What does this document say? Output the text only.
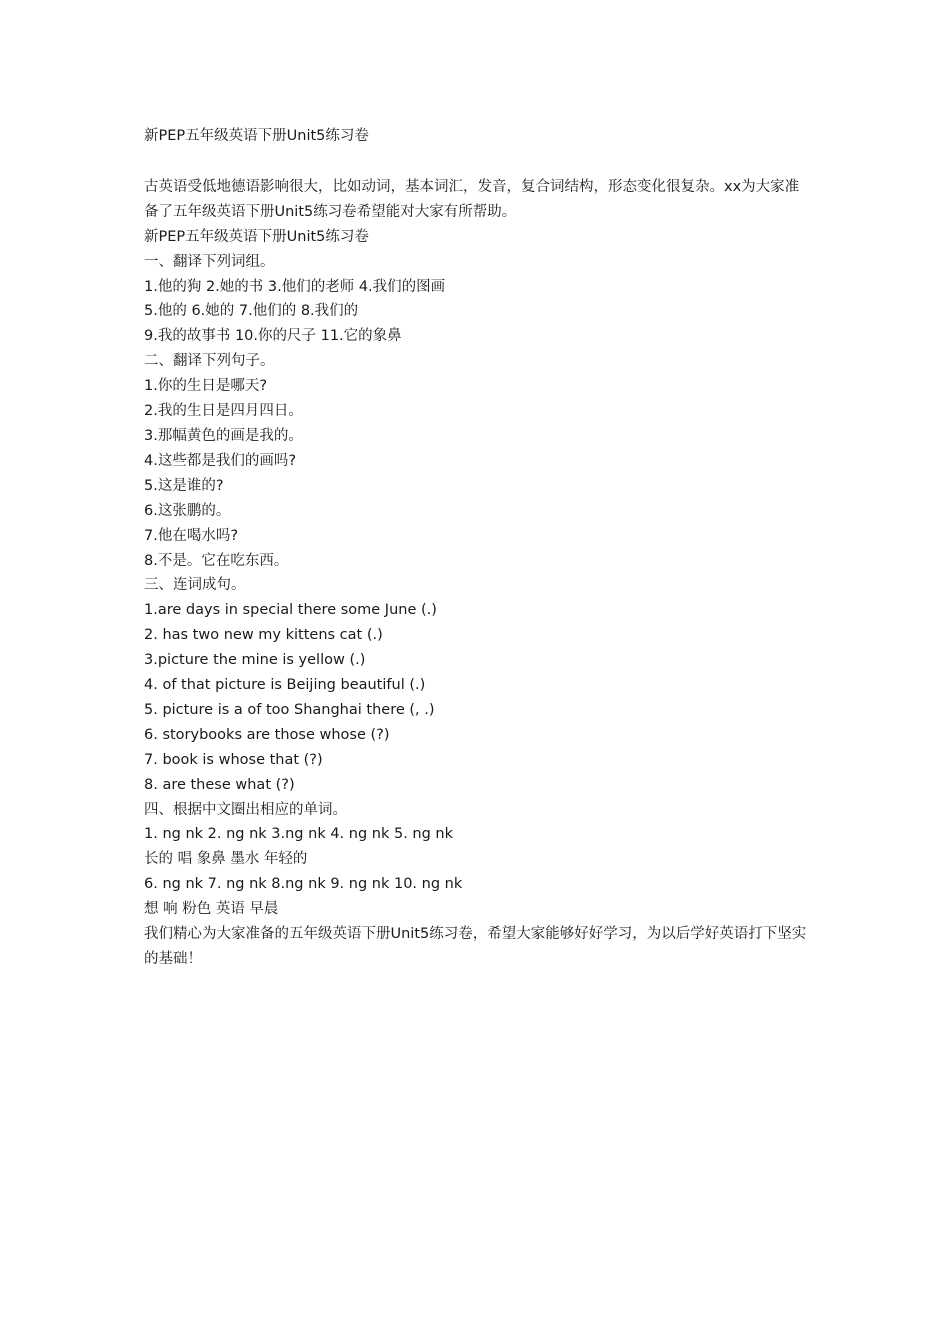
新PEP五年级英语下册Unit5练习卷
古英语受低地德语影响很大，比如动词，基本词汇，发音，复合词结构，形态变化很复杂。xx为大家准备了五年级英语下册Unit5练习卷希望能对大家有所帮助。
新PEP五年级英语下册Unit5练习卷
一、翻译下列词组。
1.他的狗 2.她的书 3.他们的老师 4.我们的图画
5.他的 6.她的 7.他们的 8.我们的
9.我的故事书 10.你的尺子 11.它的象鼻
二、翻译下列句子。
1.你的生日是哪天?
2.我的生日是四月四日。
3.那幅黄色的画是我的。
4.这些都是我们的画吗?
5.这是谁的?
6.这张鹏的。
7.他在喝水吗?
8.不是。它在吃东西。
三、连词成句。
1.are days in special there some June (.)
2. has two new my kittens cat (.)
3.picture the mine is yellow (.)
4. of that picture is Beijing beautiful (.)
5. picture is a of too Shanghai there (, .)
6. storybooks are those whose (?)
7. book is whose that (?)
8. are these what (?)
四、根据中文圈出相应的单词。
1. ng nk 2. ng nk 3.ng nk 4. ng nk 5. ng nk
长的 唱 象鼻 墨水 年轻的
6. ng nk 7. ng nk 8.ng nk 9. ng nk 10. ng nk
想 响 粉色 英语 早晨
我们精心为大家准备的五年级英语下册Unit5练习卷，希望大家能够好好学习，为以后学好英语打下坚实的基础！
